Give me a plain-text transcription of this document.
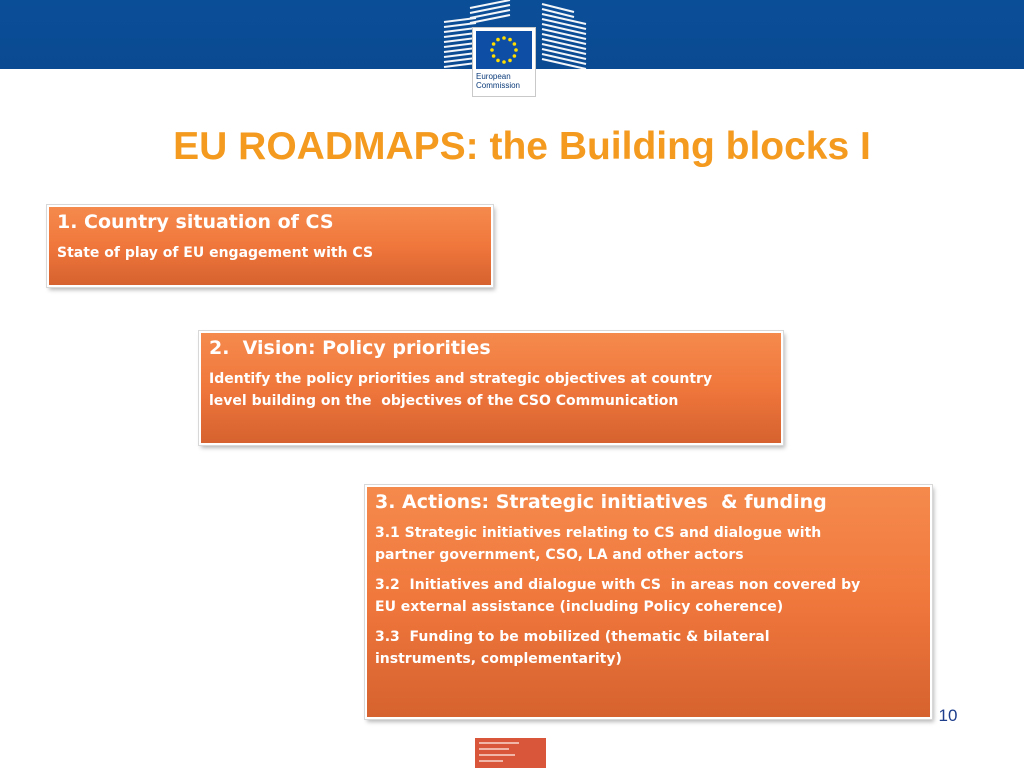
European
Commission
EU ROADMAPS: the Building blocks I
1. Country situation of CS
State of play of EU engagement with CS
2.  Vision: Policy priorities
Identify the policy priorities and strategic objectives at country
level building on the  objectives of the CSO Communication
3. Actions: Strategic initiatives  & funding
3.1 Strategic initiatives relating to CS and dialogue with
partner government, CSO, LA and other actors
3.2  Initiatives and dialogue with CS  in areas non covered by
EU external assistance (including Policy coherence)
3.3  Funding to be mobilized (thematic & bilateral
instruments, complementarity)
10
